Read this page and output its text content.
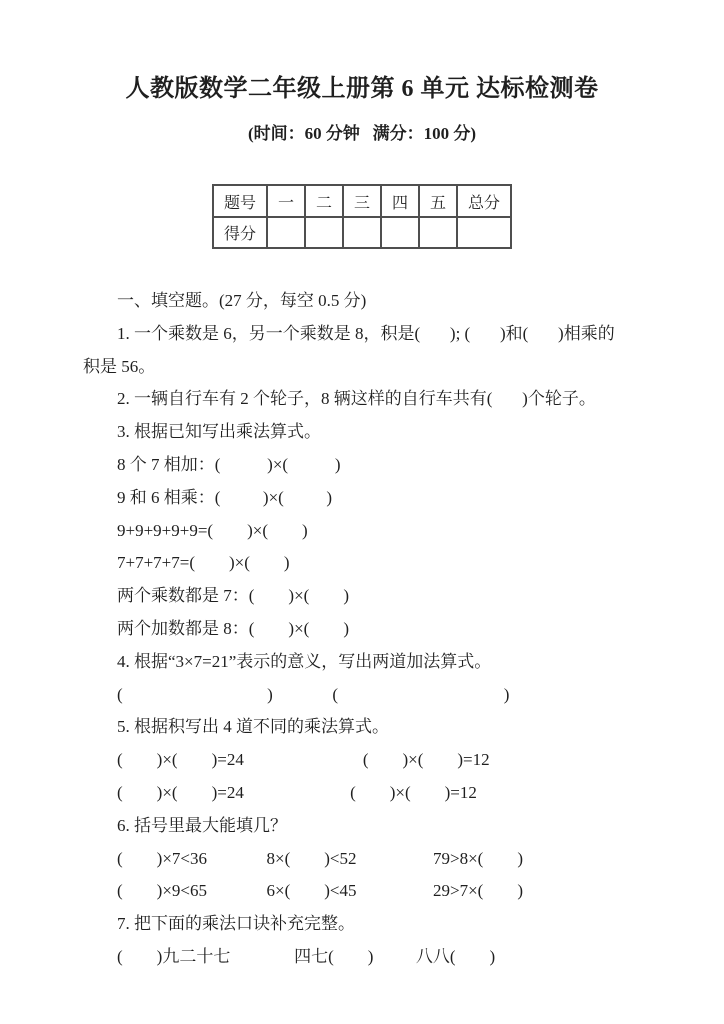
人教版数学二年级上册第 6 单元 达标检测卷
(时间：60 分钟   满分：100 分)
题号	一	二	三	四	五	总分
得分						
一、填空题。(27 分，每空 0.5 分)
1. 一个乘数是 6，另一个乘数是 8，积是(       ); (       )和(       )相乘的
积是 56。
2. 一辆自行车有 2 个轮子，8 辆这样的自行车共有(       )个轮子。
3. 根据已知写出乘法算式。
8 个 7 相加：(           )×(           )
9 和 6 相乘：(          )×(          )
9+9+9+9+9=(        )×(        )
7+7+7+7=(        )×(        )
两个乘数都是 7：(        )×(        )
两个加数都是 8：(        )×(        )
4. 根据“3×7=21”表示的意义，写出两道加法算式。
(                                  )              (                                       )
5. 根据积写出 4 道不同的乘法算式。
(        )×(        )=24                            (        )×(        )=12
(        )×(        )=24                         (        )×(        )=12
6. 括号里最大能填几？
(        )×7<36              8×(        )<52                  79>8×(        )
(        )×9<65              6×(        )<45                  29>7×(        )
7. 把下面的乘法口诀补充完整。
(        )九二十七               四七(        )          八八(        )
